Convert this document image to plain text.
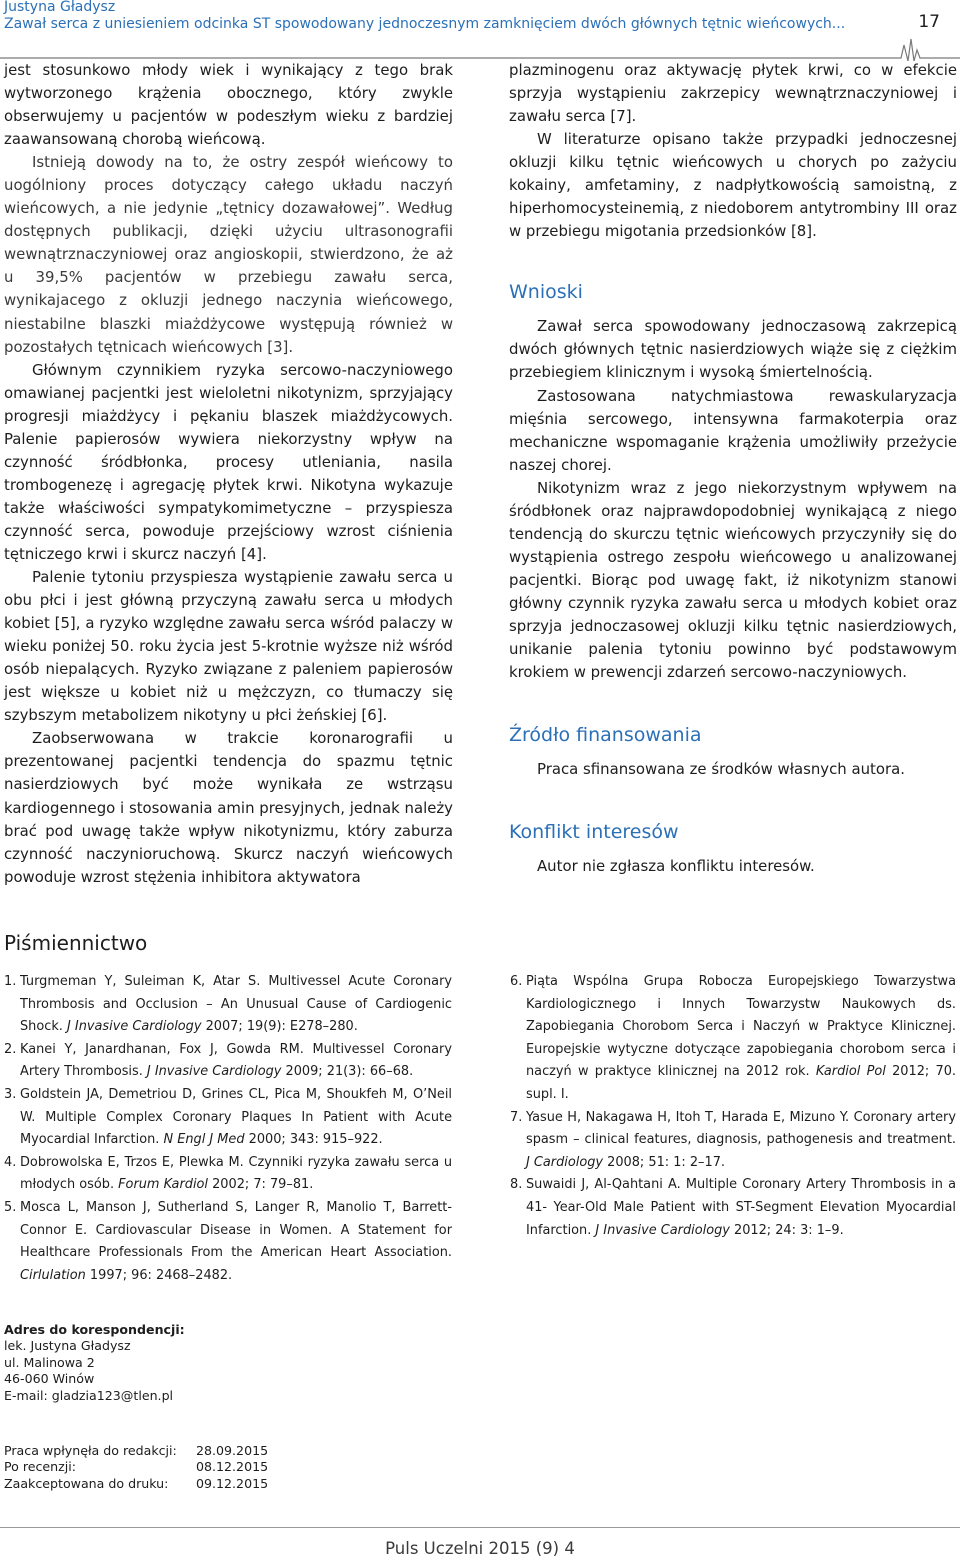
Justyna Gładysz
Zawał serca z uniesieniem odcinka ST spowodowany jednoczesnym zamknięciem dwóch głównych tętnic wieńcowych...	17

jest stosunkowo młody wiek i wynikający z tego brak wytworzonego krążenia obocznego, który zwykle obserwujemy u pacjentów w podeszłym wieku z bardziej zaawansowaną chorobą wieńcową.

Istnieją dowody na to, że ostry zespół wieńcowy to uogólniony proces dotyczący całego układu naczyń wieńcowych, a nie jedynie „tętnicy dozawałowej”. Według dostępnych publikacji, dzięki użyciu ultrasonografii wewnątrznaczyniowej oraz angioskopii, stwierdzono, że aż u 39,5% pacjentów w przebiegu zawału serca, wynikajacego z okluzji jednego naczynia wieńcowego, niestabilne blaszki miażdżycowe występują również w pozostałych tętnicach wieńcowych [3].

Głównym czynnikiem ryzyka sercowo-naczyniowego omawianej pacjentki jest wieloletni nikotynizm, sprzyjający progresji miażdżycy i pękaniu blaszek miażdżycowych. Palenie papierosów wywiera niekorzystny wpływ na czynność śródbłonka, procesy utleniania, nasila trombogenezę i agregację płytek krwi. Nikotyna wykazuje także właściwości sympatykomimetyczne – przyspiesza czynność serca, powoduje przejściowy wzrost ciśnienia tętniczego krwi i skurcz naczyń [4].

Palenie tytoniu przyspiesza wystąpienie zawału serca u obu płci i jest główną przyczyną zawału serca u młodych kobiet [5], a ryzyko względne zawału serca wśród palaczy w wieku poniżej 50. roku życia jest 5-krotnie wyższe niż wśród osób niepalących. Ryzyko związane z paleniem papierosów jest większe u kobiet niż u mężczyzn, co tłumaczy się szybszym metabolizem nikotyny u płci żeńskiej [6].

Zaobserwowana w trakcie koronarografii u prezentowanej pacjentki tendencja do spazmu tętnic nasierdziowych być może wynikała ze wstrząsu kardiogennego i stosowania amin presyjnych, jednak należy brać pod uwagę także wpływ nikotynizmu, który zaburza czynność naczynioruchową. Skurcz naczyń wieńcowych powoduje wzrost stężenia inhibitora aktywatora

plazminogenu oraz aktywację płytek krwi, co w efekcie sprzyja wystąpieniu zakrzepicy wewnątrznaczyniowej i zawału serca [7].

W literaturze opisano także przypadki jednoczesnej okluzji kilku tętnic wieńcowych u chorych po zażyciu kokainy, amfetaminy, z nadpłytkowością samoistną, z hiperhomocysteinemią, z niedoborem antytrombiny III oraz w przebiegu migotania przedsionków [8].

Wnioski

Zawał serca spowodowany jednoczasową zakrzepicą dwóch głównych tętnic nasierdziowych wiąże się z ciężkim przebiegiem klinicznym i wysoką śmiertelnością.

Zastosowana natychmiastowa rewaskularyzacja mięśnia sercowego, intensywna farmakoterpia oraz mechaniczne wspomaganie krążenia umożliwiły przeżycie naszej chorej.

Nikotynizm wraz z jego niekorzystnym wpływem na śródbłonek oraz najprawdopodobniej wynikającą z niego tendencją do skurczu tętnic wieńcowych przyczyniły się do wystąpienia ostrego zespołu wieńcowego u analizowanej pacjentki. Biorąc pod uwagę fakt, iż nikotynizm stanowi główny czynnik ryzyka zawału serca u młodych kobiet oraz sprzyja jednoczasowej okluzji kilku tętnic nasierdziowych, unikanie palenia tytoniu powinno być podstawowym krokiem w prewencji zdarzeń sercowo-naczyniowych.

Źródło finansowania

Praca sfinansowana ze środków własnych autora.

Konflikt interesów

Autor nie zgłasza konfliktu interesów.

Piśmiennictwo
1. Turgmeman Y, Suleiman K, Atar S. Multivessel Acute Coronary Thrombosis and Occlusion – An Unusual Cause of Cardiogenic Shock. J Invasive Cardiology 2007; 19(9): E278–280.
2. Kanei Y, Janardhanan, Fox J, Gowda RM. Multivessel Coronary Artery Thrombosis. J Invasive Cardiology 2009; 21(3): 66–68.
3. Goldstein JA, Demetriou D, Grines CL, Pica M, Shoukfeh M, O’Neil W. Multiple Complex Coronary Plaques In Patient with Acute Myocardial Infarction. N Engl J Med 2000; 343: 915–922.
4. Dobrowolska E, Trzos E, Plewka M. Czynniki ryzyka zawału serca u młodych osób. Forum Kardiol 2002; 7: 79–81.
5. Mosca L, Manson J, Sutherland S, Langer R, Manolio T, Barrett-Connor E. Cardiovascular Disease in Women. A Statement for Healthcare Professionals From the American Heart Association. Cirlulation 1997; 96: 2468–2482.
6. Piąta Wspólna Grupa Robocza Europejskiego Towarzystwa Kardiologicznego i Innych Towarzystw Naukowych ds. Zapobiegania Chorobom Serca i Naczyń w Praktyce Klinicznej. Europejskie wytyczne dotyczące zapobiegania chorobom serca i naczyń w praktyce klinicznej na 2012 rok. Kardiol Pol 2012; 70. supl. I.
7. Yasue H, Nakagawa H, Itoh T, Harada E, Mizuno Y. Coronary artery spasm – clinical features, diagnosis, pathogenesis and treatment. J Cardiology 2008; 51: 1: 2–17.
8. Suwaidi J, Al-Qahtani A. Multiple Coronary Artery Thrombosis in a 41- Year-Old Male Patient with ST-Segment Elevation Myocardial Infarction. J Invasive Cardiology 2012; 24: 3: 1–9.
Adres do korespondencji:
lek. Justyna Gładysz
ul. Malinowa 2
46-060 Winów
E-mail: gladzia123@tlen.pl
Praca wpłynęła do redakcji:	28.09.2015
Po recenzji:	08.12.2015
Zaakceptowana do druku:	09.12.2015
Puls Uczelni 2015 (9) 4
